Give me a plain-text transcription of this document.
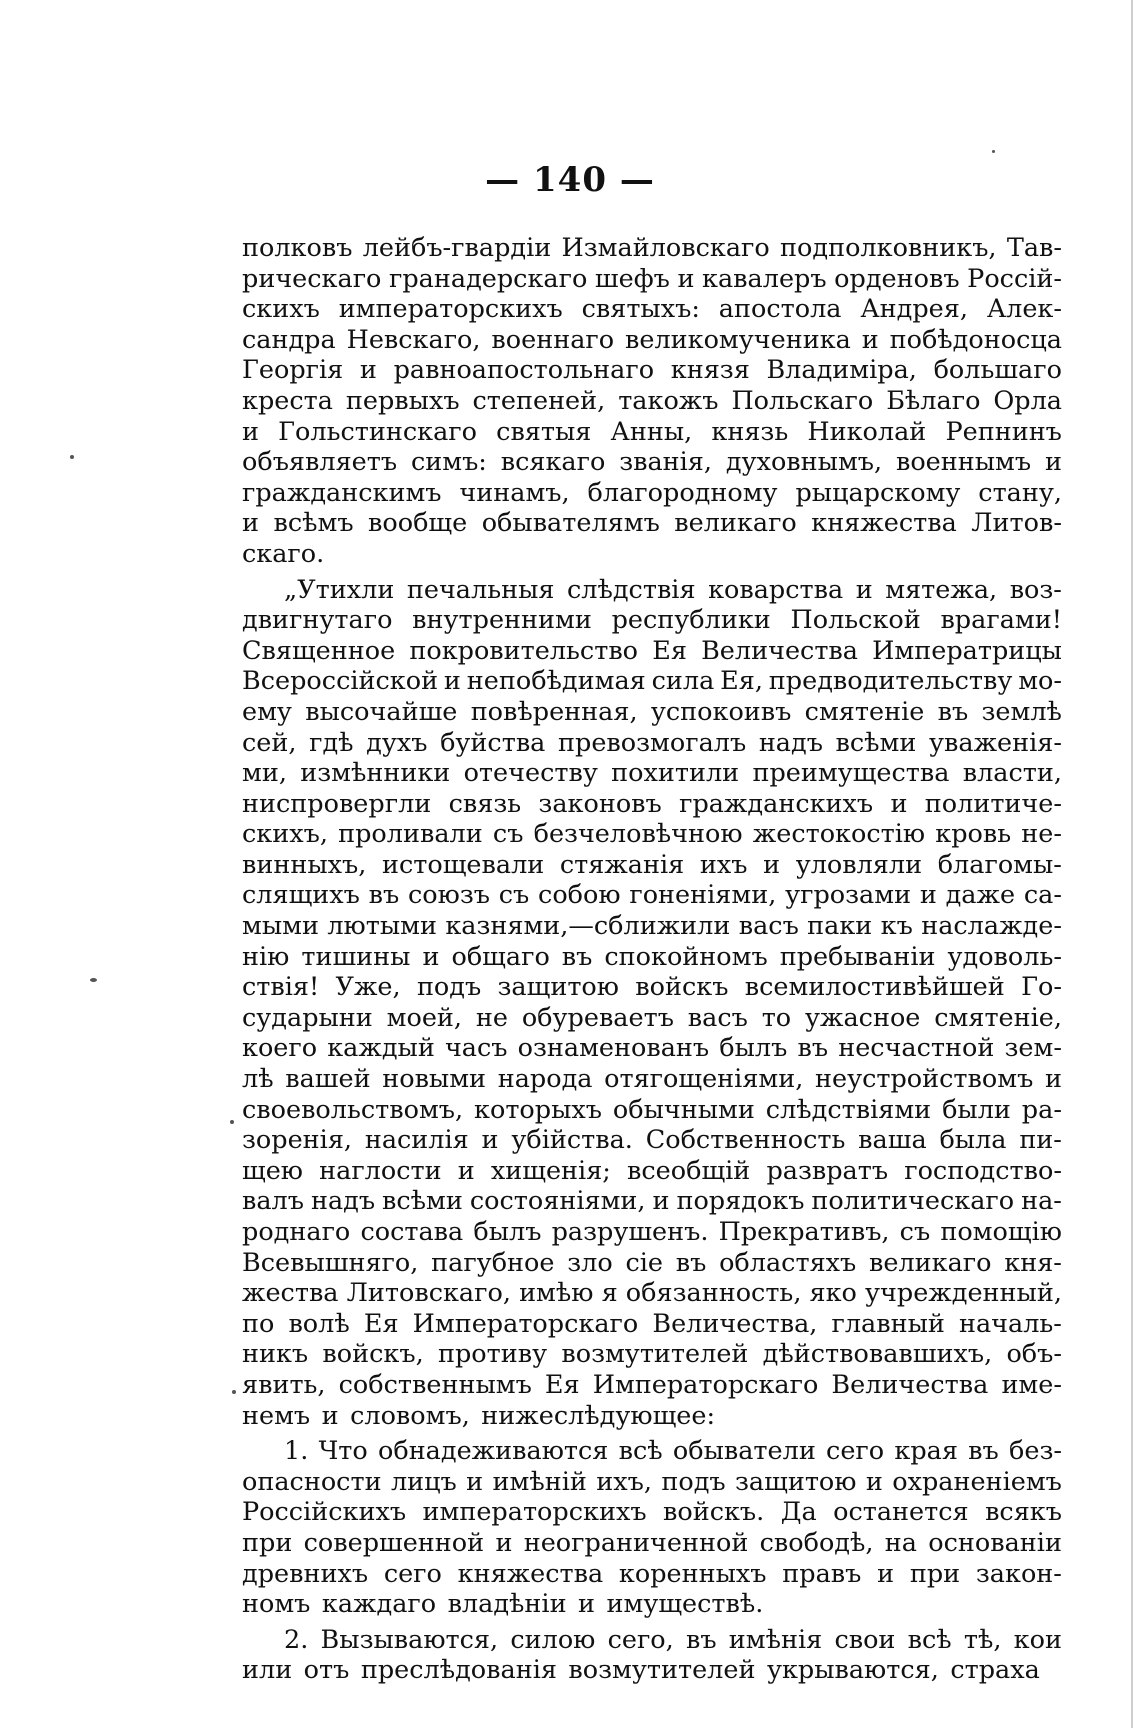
— 140 —
полковъ лейбъ-гвардіи Измайловскаго подполковникъ, Тав-
рическаго гранадерскаго шефъ и кавалеръ орденовъ Россій-
скихъ императорскихъ святыхъ: апостола Андрея, Алек-
сандра Невскаго, военнаго великомученика и побѣдоносца
Георгія и равноапостольнаго князя Владиміра, большаго
креста первыхъ степеней, такожъ Польскаго Бѣлаго Орла
и Гольстинскаго святыя Анны, князь Николай Репнинъ
объявляетъ симъ: всякаго званія, духовнымъ, военнымъ и
гражданскимъ чинамъ, благородному рыцарскому стану,
и всѣмъ вообще обывателямъ великаго княжества Литов-
скаго.
„Утихли печальныя слѣдствія коварства и мятежа, воз-
двигнутаго внутренними республики Польской врагами!
Священное покровительство Ея Величества Императрицы
Всероссійской и непобѣдимая сила Ея, предводительству мо-
ему высочайше повѣренная, успокоивъ смятеніе въ землѣ
сей, гдѣ духъ буйства превозмогалъ надъ всѣми уваженія-
ми, измѣнники отечеству похитили преимущества власти,
ниспровергли связь законовъ гражданскихъ и политиче-
скихъ, проливали съ безчеловѣчною жестокостію кровь не-
винныхъ, истощевали стяжанія ихъ и уловляли благомы-
слящихъ въ союзъ съ собою гоненіями, угрозами и даже са-
мыми лютыми казнями,—сближили васъ паки къ наслажде-
нію тишины и общаго въ спокойномъ пребываніи удоволь-
ствія! Уже, подъ защитою войскъ всемилостивѣйшей Го-
сударыни моей, не обуреваетъ васъ то ужасное смятеніе,
коего каждый часъ ознаменованъ былъ въ несчастной зем-
лѣ вашей новыми народа отягощеніями, неустройствомъ и
своевольствомъ, которыхъ обычными слѣдствіями были ра-
зоренія, насилія и убійства. Собственность ваша была пи-
щею наглости и хищенія; всеобщій развратъ господство-
валъ надъ всѣми состояніями, и порядокъ политическаго на-
роднаго состава былъ разрушенъ. Прекративъ, съ помощію
Всевышняго, пагубное зло сіе въ областяхъ великаго кня-
жества Литовскаго, имѣю я обязанность, яко учрежденный,
по волѣ Ея Императорскаго Величества, главный началь-
никъ войскъ, противу возмутителей дѣйствовавшихъ, объ-
явить, собственнымъ Ея Императорскаго Величества име-
немъ и словомъ, нижеслѣдующее:
1. Что обнадеживаются всѣ обыватели сего края въ без-
опасности лицъ и имѣній ихъ, подъ защитою и охраненіемъ
Россійскихъ императорскихъ войскъ. Да останется всякъ
при совершенной и неограниченной свободѣ, на основаніи
древнихъ сего княжества коренныхъ правъ и при закон-
номъ каждаго владѣніи и имуществѣ.
2. Вызываются, силою сего, въ имѣнія свои всѣ тѣ, кои
или отъ преслѣдованія возмутителей укрываются, страха
